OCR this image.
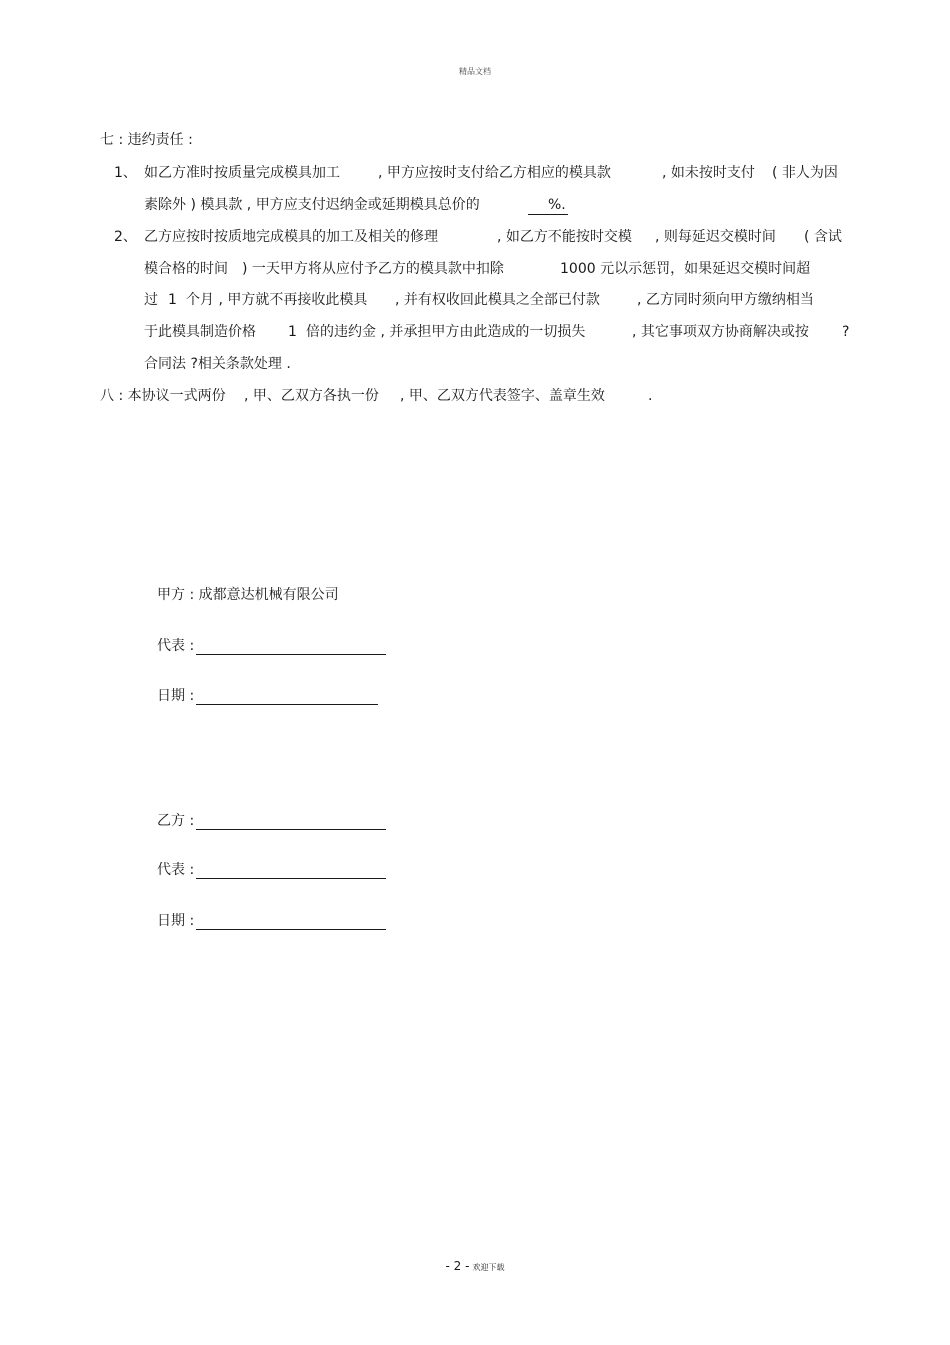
精品文档
七 : 违约责任 :
1、 如乙方准时按质量完成模具加工	, 甲方应按时支付给乙方相应的模具款	, 如未按时支付 ( 非人为因
素除外 ) 模具款 , 甲方应支付迟纳金或延期模具总价的	%.
2、 乙方应按时按质地完成模具的加工及相关的修理	, 如乙方不能按时交模 , 则每延迟交模时间 ( 含试
模合格的时间 ) 一天甲方将从应付予乙方的模具款中扣除	1000 元以示惩罚，如果延迟交模时间超
过 1 个月 , 甲方就不再接收此模具 , 并有权收回此模具之全部已付款	, 乙方同时须向甲方缴纳相当
于此模具制造价格 1 倍的违约金 , 并承担甲方由此造成的一切损失	, 其它事项双方协商解决或按 ?
合同法 ?相关条款处理 .
八 : 本协议一式两份 , 甲、乙双方各执一份 , 甲、乙双方代表签字、盖章生效	.
甲方 : 成都意达机械有限公司
代表 :
日期 :
乙方 :
代表 :
日期 :
- 2 - 欢迎下载
